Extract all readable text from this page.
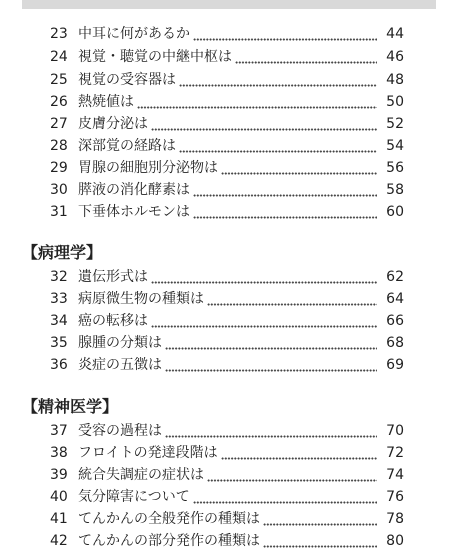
23 中耳に何があるか	44
24 視覚・聴覚の中継中枢は	46
25 視覚の受容器は	48
26 熱焼値は	50
27 皮膚分泌は	52
28 深部覚の経路は	54
29 胃腺の細胞別分泌物は	56
30 膵液の消化酵素は	58
31 下垂体ホルモンは	60
【病理学】
32 遺伝形式は	62
33 病原微生物の種類は	64
34 癌の転移は	66
35 腺腫の分類は	68
36 炎症の五徴は	69
【精神医学】
37 受容の過程は	70
38 フロイトの発達段階は	72
39 統合失調症の症状は	74
40 気分障害について	76
41 てんかんの全般発作の種類は	78
42 てんかんの部分発作の種類は	80
